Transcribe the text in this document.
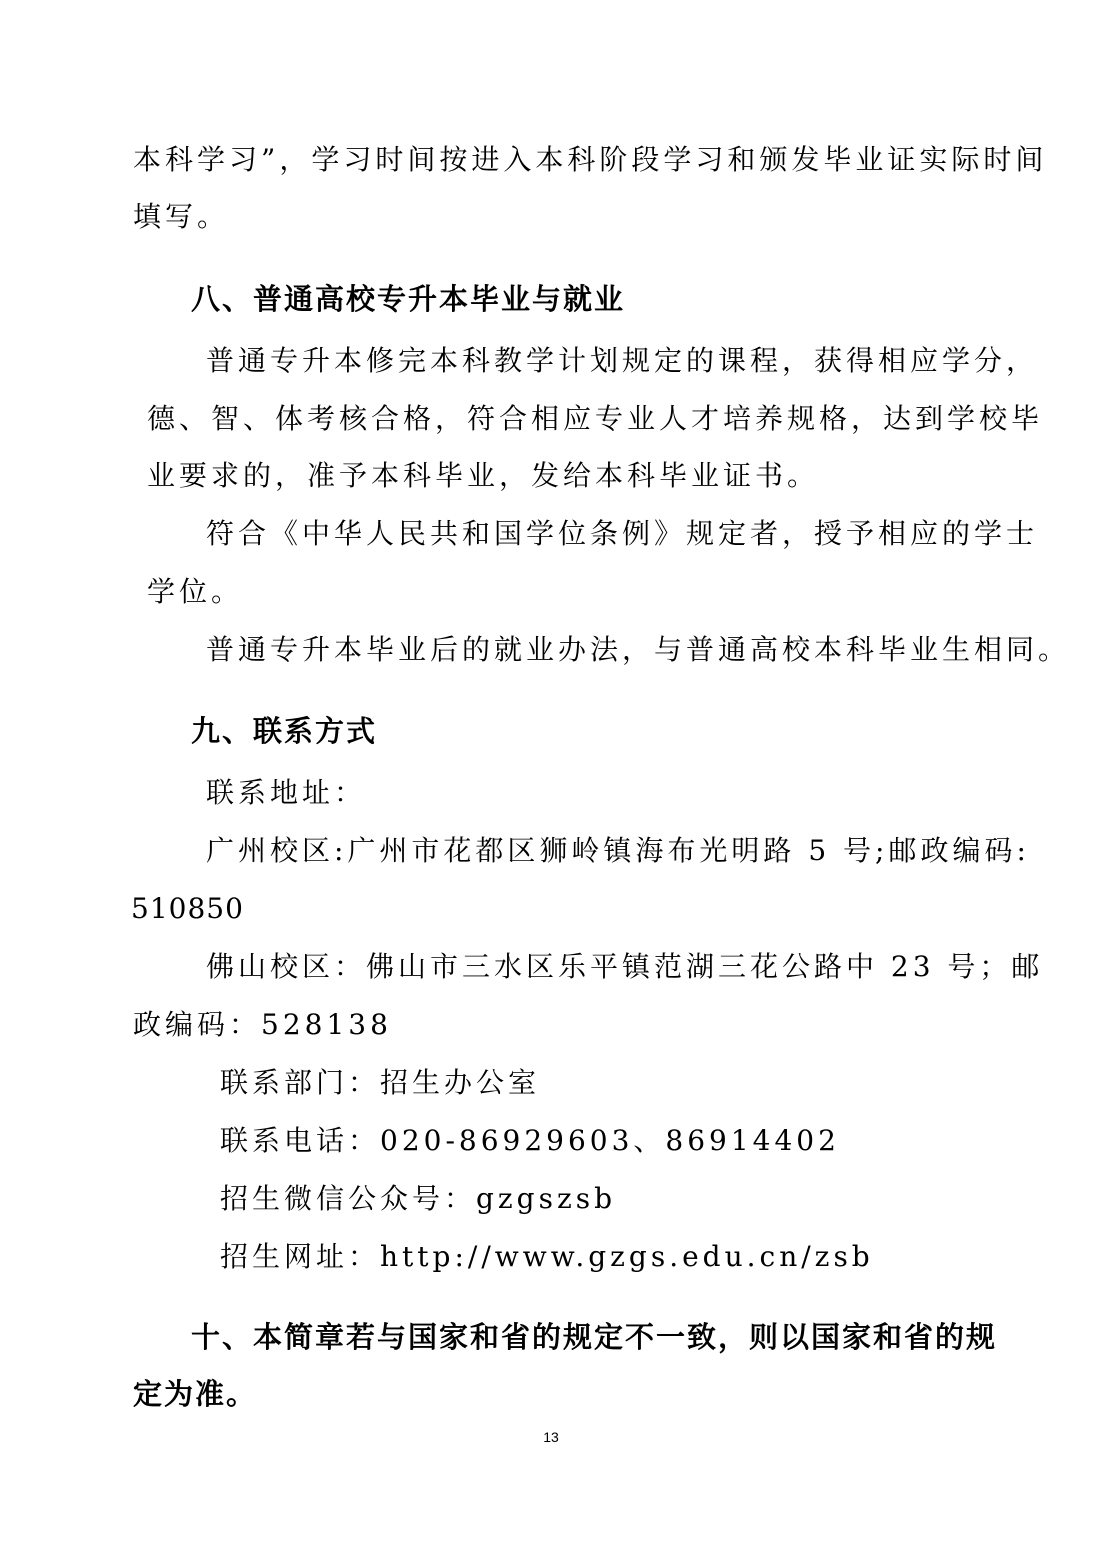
本科学习”，学习时间按进入本科阶段学习和颁发毕业证实际时间
填写。
八、普通高校专升本毕业与就业
普通专升本修完本科教学计划规定的课程，获得相应学分，
德、智、体考核合格，符合相应专业人才培养规格，达到学校毕
业要求的，准予本科毕业，发给本科毕业证书。
符合《中华人民共和国学位条例》规定者，授予相应的学士
学位。
普通专升本毕业后的就业办法，与普通高校本科毕业生相同。
九、联系方式
联系地址：
广州校区:广州市花都区狮岭镇海布光明路 5 号;邮政编码:
510850
佛山校区：佛山市三水区乐平镇范湖三花公路中 23 号；邮
政编码：528138
联系部门：招生办公室
联系电话：020-86929603、86914402
招生微信公众号：gzgszsb
招生网址：http://www.gzgs.edu.cn/zsb
十、本简章若与国家和省的规定不一致，则以国家和省的规
定为准。
13
